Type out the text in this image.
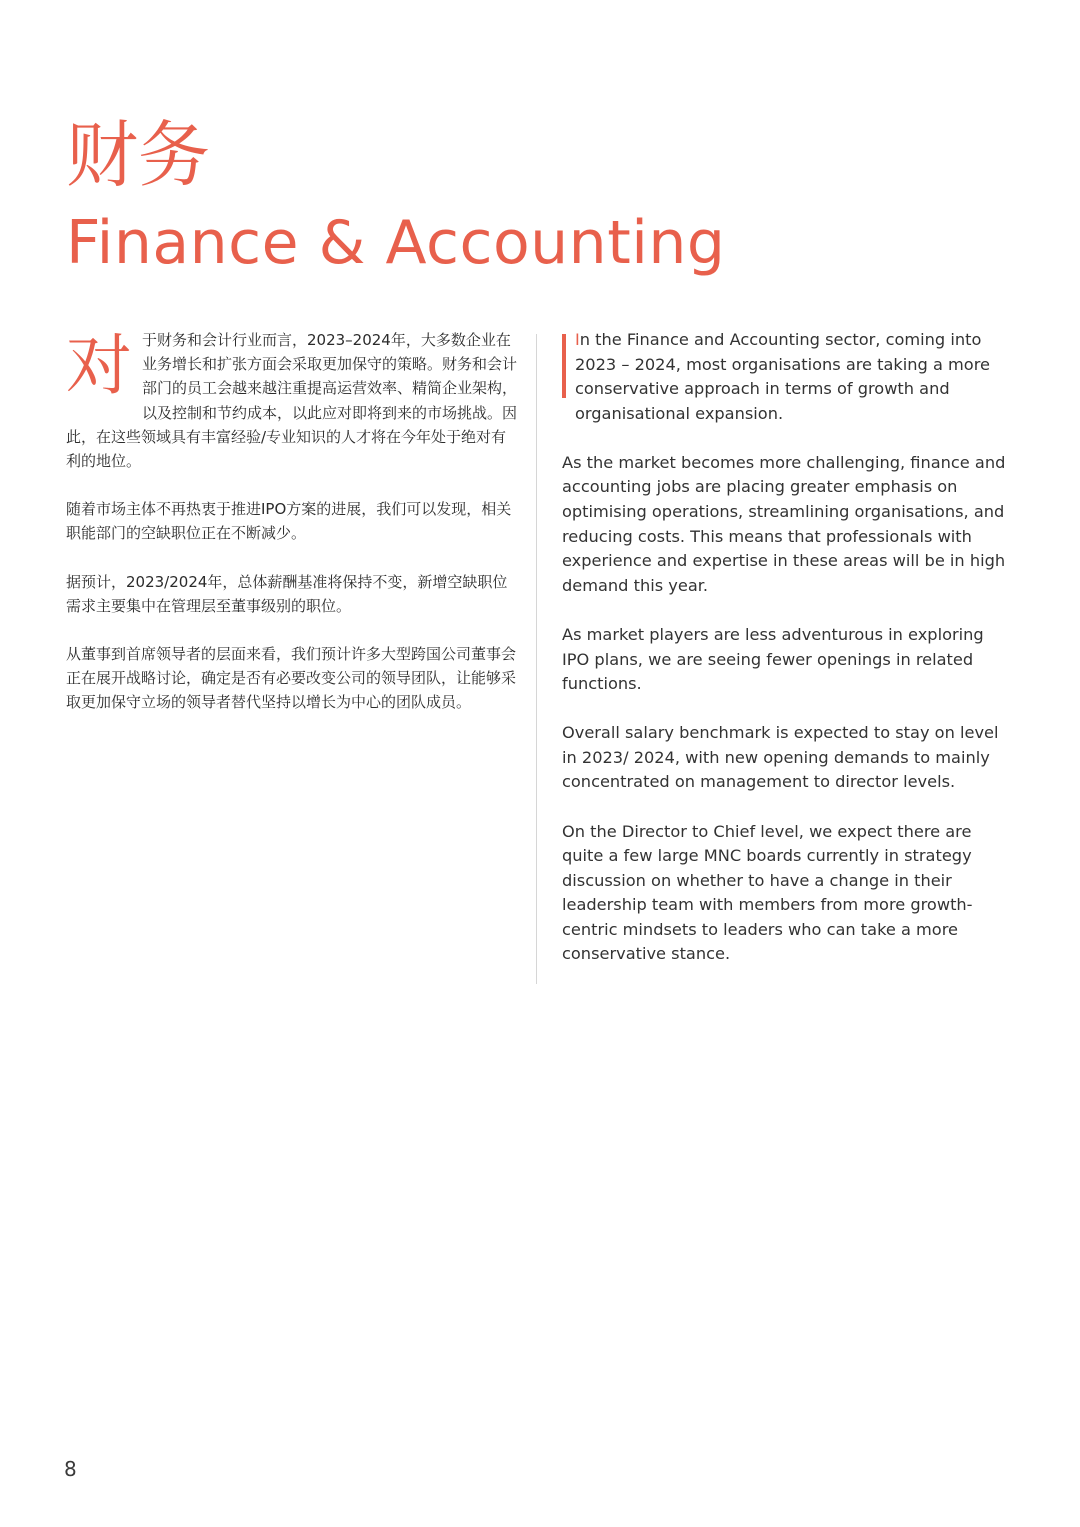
财务
Finance & Accounting

对 于财务和会计行业而言，2023–2024年，大多数企业在业务增长和扩张方面会采取更加保守的策略。财务和会计部门的员工会越来越注重提高运营效率、精简企业架构，以及控制和节约成本，以此应对即将到来的市场挑战。因此，在这些领域具有丰富经验/专业知识的人才将在今年处于绝对有利的地位。

随着市场主体不再热衷于推进IPO方案的进展，我们可以发现，相关职能部门的空缺职位正在不断减少。

据预计，2023/2024年，总体薪酬基准将保持不变，新增空缺职位需求主要集中在管理层至董事级别的职位。

从董事到首席领导者的层面来看，我们预计许多大型跨国公司董事会正在展开战略讨论，确定是否有必要改变公司的领导团队，让能够采取更加保守立场的领导者替代坚持以增长为中心的团队成员。

In the Finance and Accounting sector, coming into 2023 – 2024, most organisations are taking a more conservative approach in terms of growth and organisational expansion.

As the market becomes more challenging, finance and accounting jobs are placing greater emphasis on optimising operations, streamlining organisations, and reducing costs. This means that professionals with experience and expertise in these areas will be in high demand this year.

As market players are less adventurous in exploring IPO plans, we are seeing fewer openings in related functions.

Overall salary benchmark is expected to stay on level in 2023/ 2024, with new opening demands to mainly concentrated on management to director levels.

On the Director to Chief level, we expect there are quite a few large MNC boards currently in strategy discussion on whether to have a change in their leadership team with members from more growth-centric mindsets to leaders who can take a more conservative stance.

8
